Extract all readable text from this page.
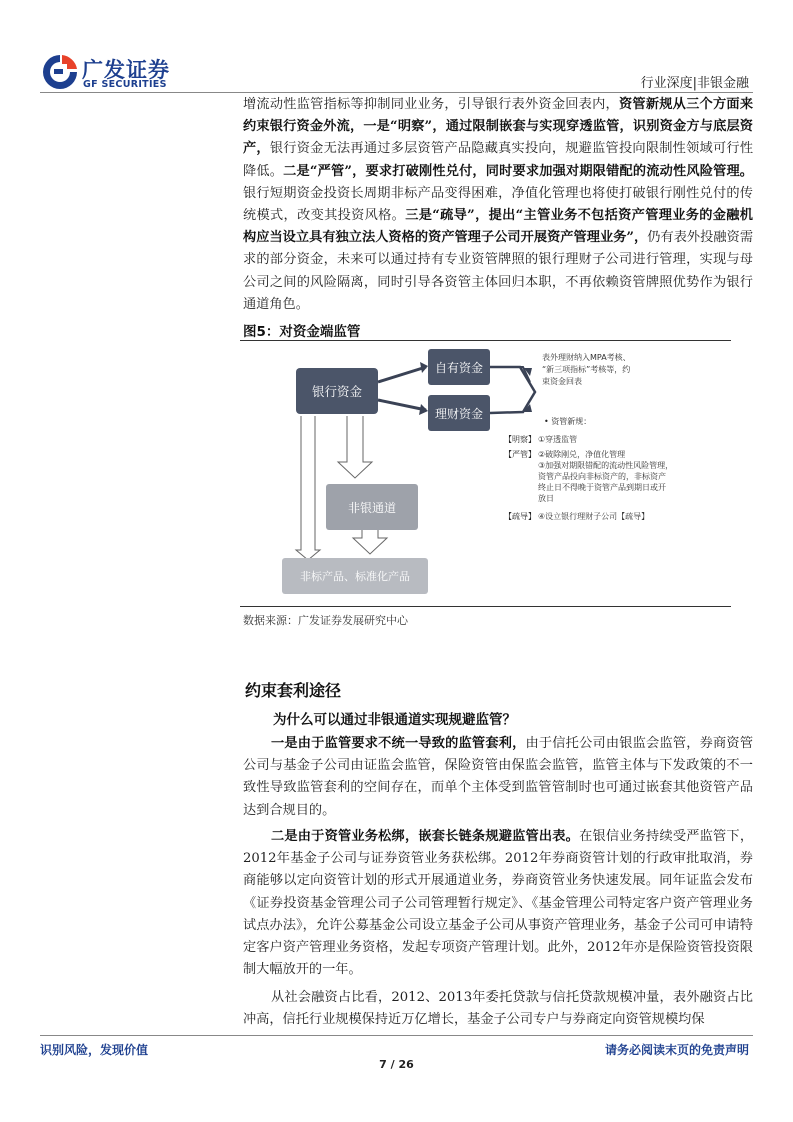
广发证券
GF SECURITIES	行业深度|非银金融

增流动性监管指标等抑制同业业务，引导银行表外资金回表内，资管新规从三个方面来约束银行资金外流，一是“明察”，通过限制嵌套与实现穿透监管，识别资金方与底层资产，银行资金无法再通过多层资管产品隐藏真实投向，规避监管投向限制性领域可行性降低。二是“严管”，要求打破刚性兑付，同时要求加强对期限错配的流动性风险管理。银行短期资金投资长周期非标产品变得困难，净值化管理也将使打破银行刚性兑付的传统模式，改变其投资风格。三是“疏导”，提出“主管业务不包括资产管理业务的金融机构应当设立具有独立法人资格的资产管理子公司开展资产管理业务”，仍有表外投融资需求的部分资金，未来可以通过持有专业资管牌照的银行理财子公司进行管理，实现与母公司之间的风险隔离，同时引导各资管主体回归本职，不再依赖资管牌照优势作为银行通道角色。

图5：对资金端监管
银行资金
自有资金
理财资金
表外理财纳入MPA考核、
“新三项指标”考核等，约
束资金回表
• 资管新规：
【明察】 ①穿透监管
【严管】 ②破除刚兑，净值化管理
③加强对期限错配的流动性风险管理，
资管产品投向非标资产的，非标资产
终止日不得晚于资管产品到期日或开
放日
【疏导】 ④设立银行理财子公司【疏导】
非银通道
非标产品、标准化产品
数据来源：广发证券发展研究中心
约束套利途径
为什么可以通过非银通道实现规避监管？

一是由于监管要求不统一导致的监管套利，由于信托公司由银监会监管，券商资管公司与基金子公司由证监会监管，保险资管由保监会监管，监管主体与下发政策的不一致性导致监管套利的空间存在，而单个主体受到监管管制时也可通过嵌套其他资管产品达到合规目的。

二是由于资管业务松绑，嵌套长链条规避监管出表。在银信业务持续受严监管下，2012年基金子公司与证券资管业务获松绑。2012年券商资管计划的行政审批取消，券商能够以定向资管计划的形式开展通道业务，券商资管业务快速发展。同年证监会发布《证券投资基金管理公司子公司管理暂行规定》、《基金管理公司特定客户资产管理业务试点办法》，允许公募基金公司设立基金子公司从事资产管理业务，基金子公司可申请特定客户资产管理业务资格，发起专项资产管理计划。此外，2012年亦是保险资管投资限制大幅放开的一年。

从社会融资占比看，2012、2013年委托贷款与信托贷款规模冲量，表外融资占比冲高，信托行业规模保持近万亿增长，基金子公司专户与券商定向资管规模均保

识别风险，发现价值	请务必阅读末页的免责声明
7 / 26
